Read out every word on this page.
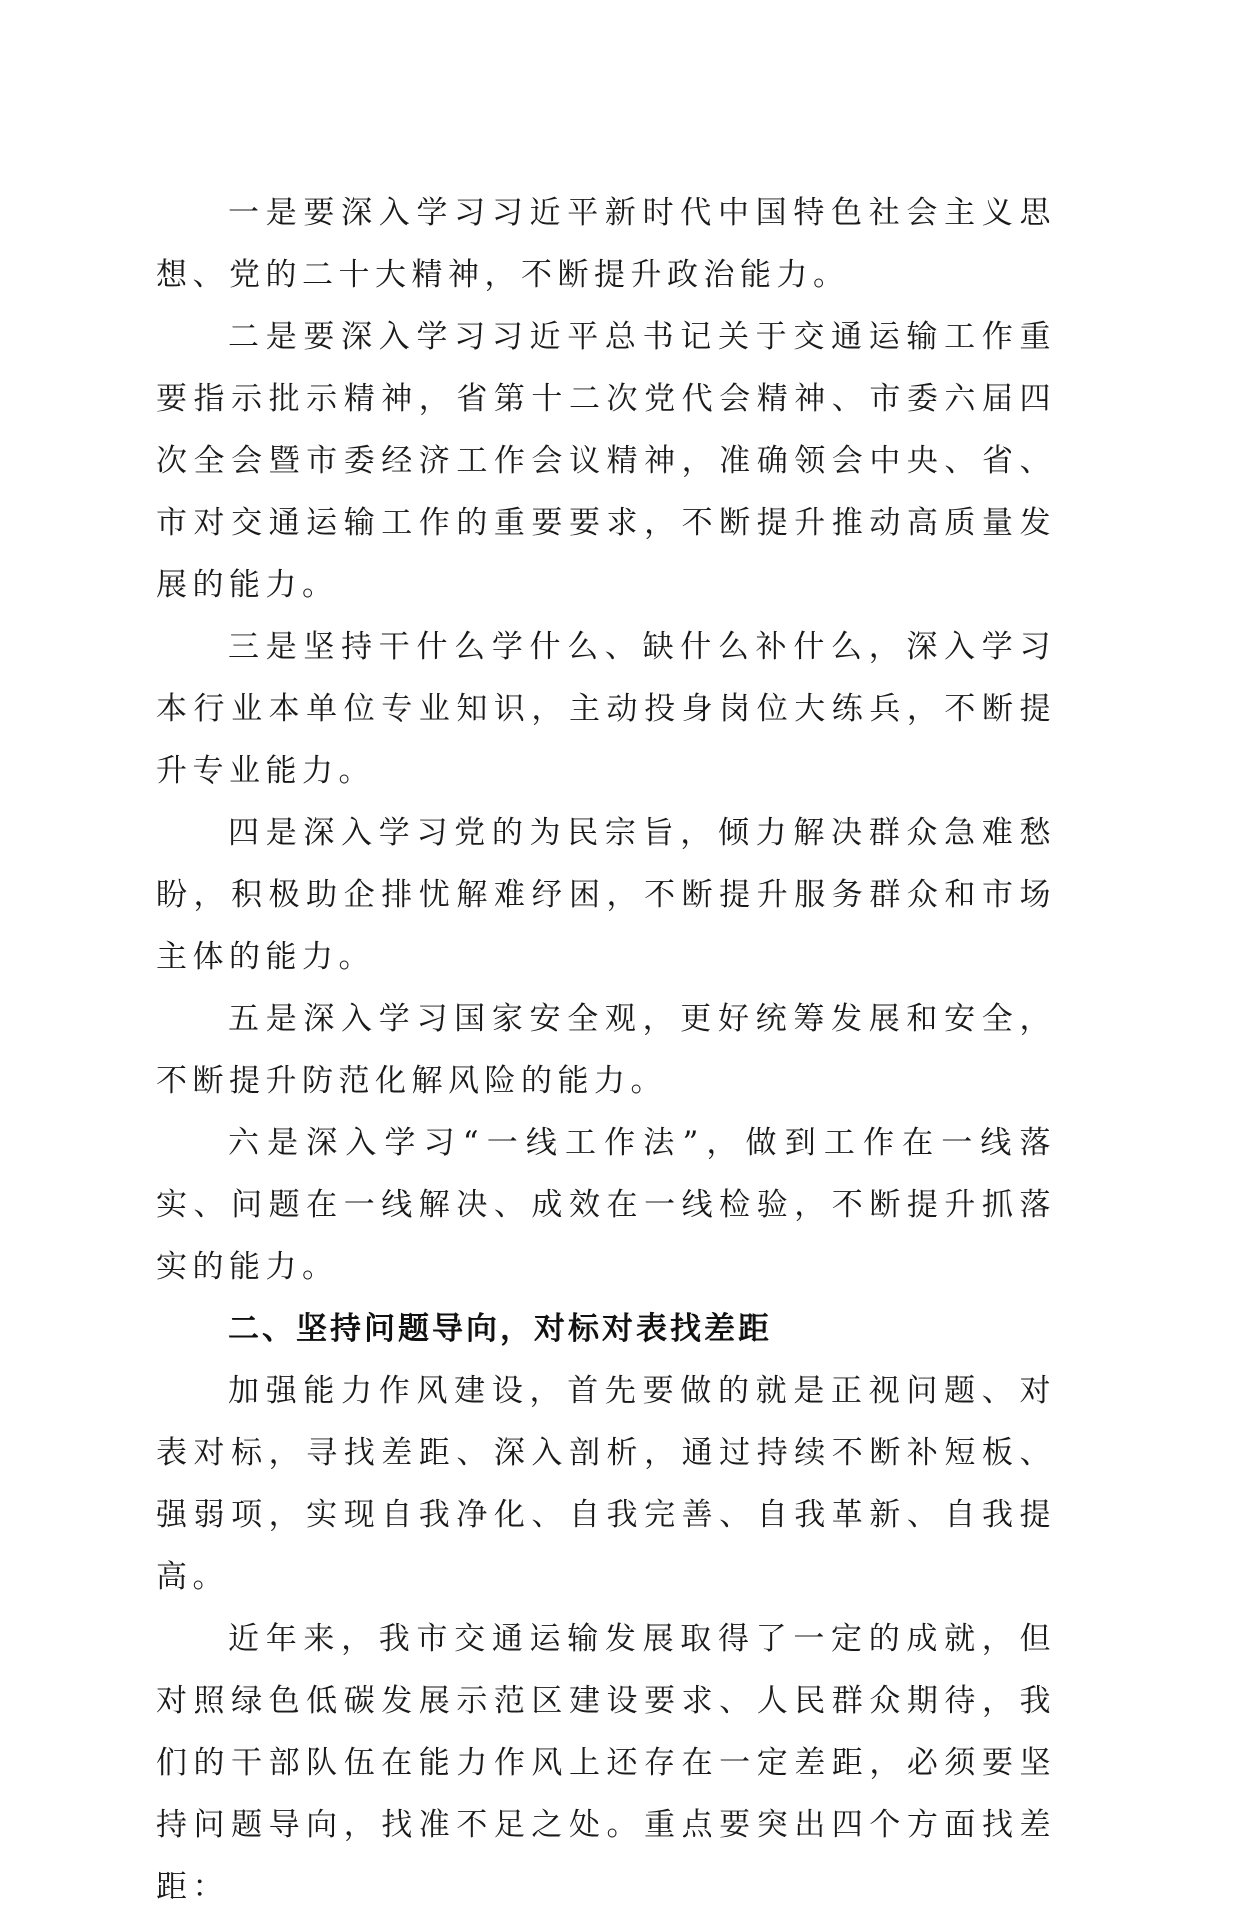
一是要深入学习习近平新时代中国特色社会主义思想、党的二十大精神，不断提升政治能力。

二是要深入学习习近平总书记关于交通运输工作重要指示批示精神，省第十二次党代会精神、市委六届四次全会暨市委经济工作会议精神，准确领会中央、省、市对交通运输工作的重要要求，不断提升推动高质量发展的能力。

三是坚持干什么学什么、缺什么补什么，深入学习本行业本单位专业知识，主动投身岗位大练兵，不断提升专业能力。

四是深入学习党的为民宗旨，倾力解决群众急难愁盼，积极助企排忧解难纾困，不断提升服务群众和市场主体的能力。

五是深入学习国家安全观，更好统筹发展和安全，不断提升防范化解风险的能力。

六是深入学习“一线工作法”，做到工作在一线落实、问题在一线解决、成效在一线检验，不断提升抓落实的能力。

二、坚持问题导向，对标对表找差距

加强能力作风建设，首先要做的就是正视问题、对表对标，寻找差距、深入剖析，通过持续不断补短板、强弱项，实现自我净化、自我完善、自我革新、自我提高。

近年来，我市交通运输发展取得了一定的成就，但对照绿色低碳发展示范区建设要求、人民群众期待，我们的干部队伍在能力作风上还存在一定差距，必须要坚持问题导向，找准不足之处。重点要突出四个方面找差距：
